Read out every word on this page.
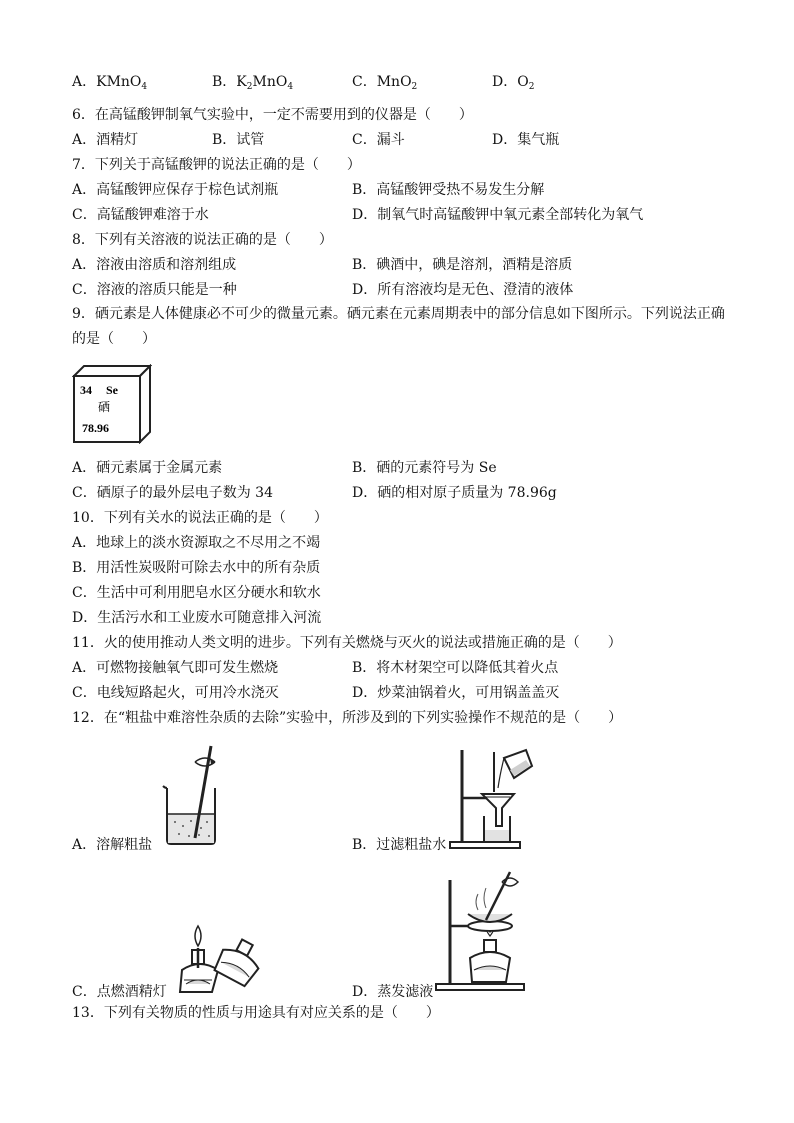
A．KMnO$_4$	B．$K_2MnO_4$	C．MnO$_2$	D．$O_2$
6．在高锰酸钾制氧气实验中，一定不需要用到的仪器是（　　）
A．酒精灯	B．试管	C．漏斗	D．集气瓶
7．下列关于高锰酸钾的说法正确的是（　　）
A．高锰酸钾应保存于棕色试剂瓶	B．高锰酸钾受热不易发生分解
C．高锰酸钾难溶于水	D．制氧气时高锰酸钾中氧元素全部转化为氧气
8．下列有关溶液的说法正确的是（　　）
A．溶液由溶质和溶剂组成	B．碘酒中，碘是溶剂，酒精是溶质
C．溶液的溶质只能是一种	D．所有溶液均是无色、澄清的液体
9．硒元素是人体健康必不可少的微量元素。硒元素在元素周期表中的部分信息如下图所示。下列说法正确
的是（　　）
34 Se
硒
78.96
A．硒元素属于金属元素	B．硒的元素符号为 Se
C．硒原子的最外层电子数为 34	D．硒的相对原子质量为 78.96g
10．下列有关水的说法正确的是（　　）
A．地球上的淡水资源取之不尽用之不竭
B．用活性炭吸附可除去水中的所有杂质
C．生活中可利用肥皂水区分硬水和软水
D．生活污水和工业废水可随意排入河流
11．火的使用推动人类文明的进步。下列有关燃烧与灭火的说法或措施正确的是（　　）
A．可燃物接触氧气即可发生燃烧	B．将木材架空可以降低其着火点
C．电线短路起火，可用冷水浇灭	D．炒菜油锅着火，可用锅盖盖灭
12．在“粗盐中难溶性杂质的去除”实验中，所涉及到的下列实验操作不规范的是（　　）
A．溶解粗盐	B．过滤粗盐水
C．点燃酒精灯	D．蒸发滤液
13．下列有关物质的性质与用途具有对应关系的是（　　）
